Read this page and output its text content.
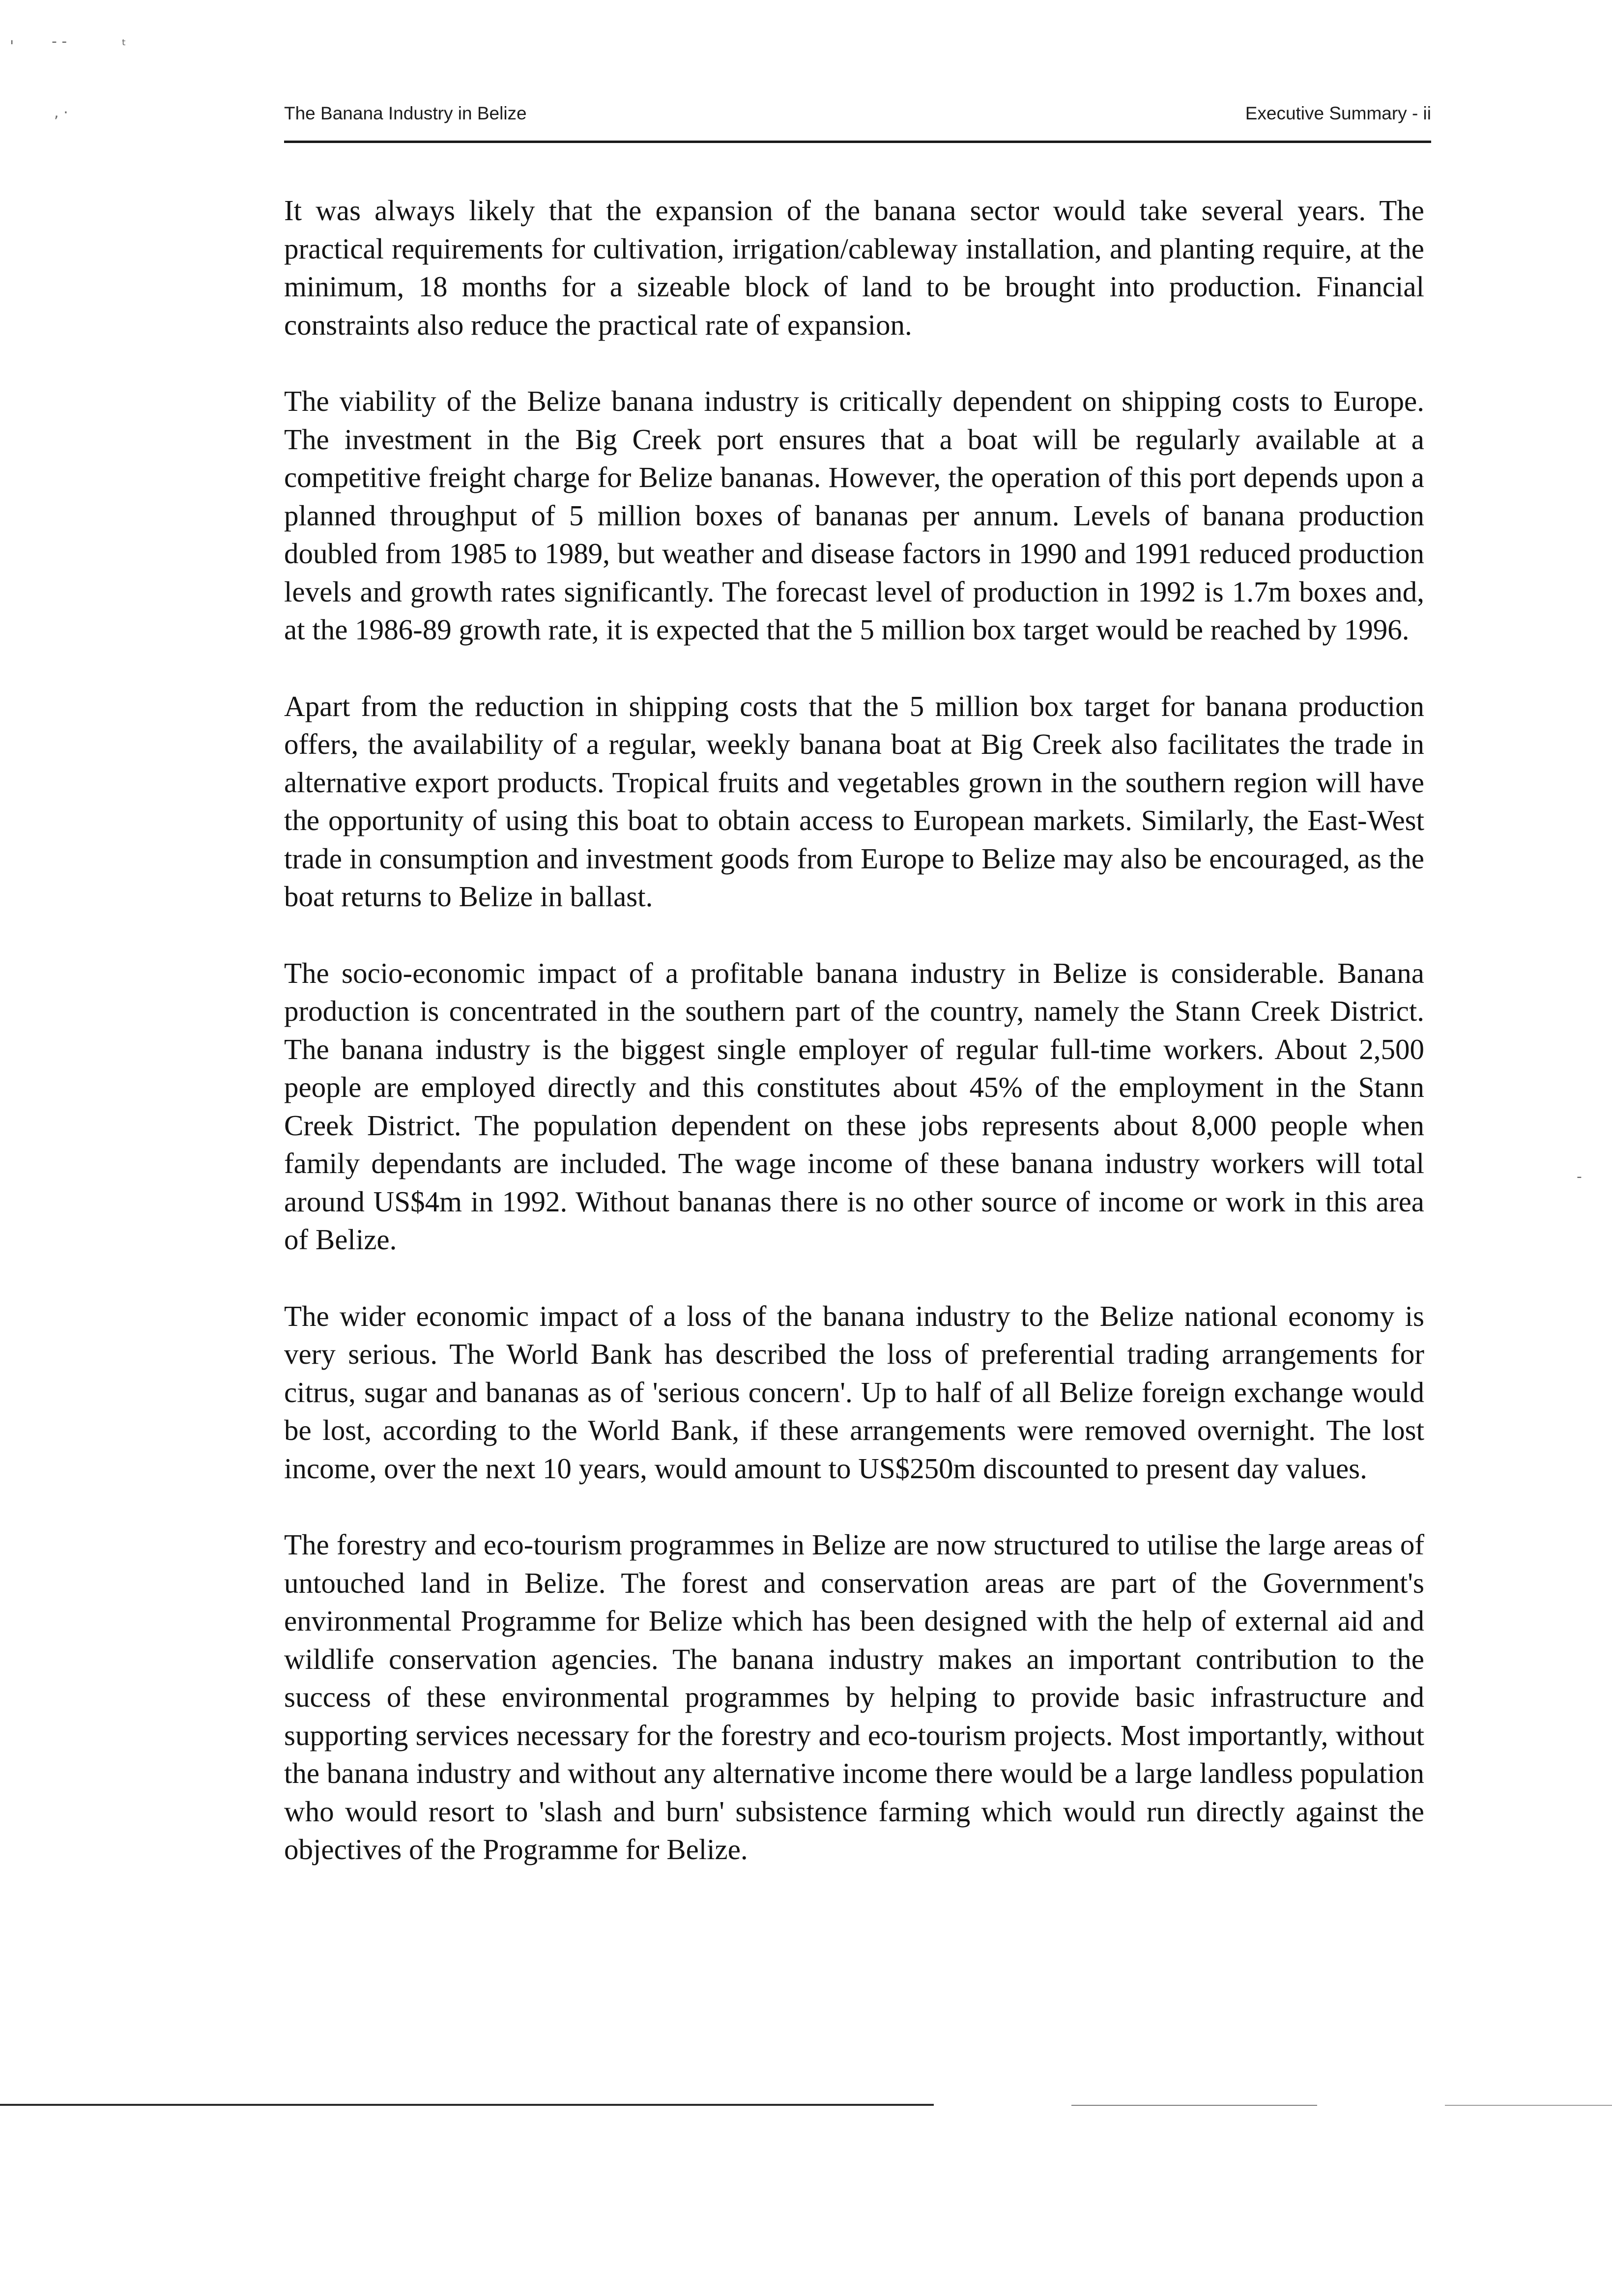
'	- -	ᵗ
, ·
-
The Banana Industry in Belize	Executive Summary - ii

It was always likely that the expansion of the banana sector would take several years. The practical requirements for cultivation, irrigation/cableway installation, and planting require, at the minimum, 18 months for a sizeable block of land to be brought into production. Financial constraints also reduce the practical rate of expansion.

The viability of the Belize banana industry is critically dependent on shipping costs to Europe. The investment in the Big Creek port ensures that a boat will be regularly available at a competitive freight charge for Belize bananas. However, the operation of this port depends upon a planned throughput of 5 million boxes of bananas per annum. Levels of banana production doubled from 1985 to 1989, but weather and disease factors in 1990 and 1991 reduced production levels and growth rates significantly. The forecast level of production in 1992 is 1.7m boxes and, at the 1986-89 growth rate, it is expected that the 5 million box target would be reached by 1996.

Apart from the reduction in shipping costs that the 5 million box target for banana production offers, the availability of a regular, weekly banana boat at Big Creek also facilitates the trade in alternative export products. Tropical fruits and vegetables grown in the southern region will have the opportunity of using this boat to obtain access to European markets. Similarly, the East-West trade in consumption and investment goods from Europe to Belize may also be encouraged, as the boat returns to Belize in ballast.

The socio-economic impact of a profitable banana industry in Belize is considerable. Banana production is concentrated in the southern part of the country, namely the Stann Creek District. The banana industry is the biggest single employer of regular full-time workers. About 2,500 people are employed directly and this constitutes about 45% of the employment in the Stann Creek District. The population dependent on these jobs represents about 8,000 people when family dependants are included. The wage income of these banana industry workers will total around US$4m in 1992. Without bananas there is no other source of income or work in this area of Belize.

The wider economic impact of a loss of the banana industry to the Belize national economy is very serious. The World Bank has described the loss of preferential trading arrangements for citrus, sugar and bananas as of 'serious concern'. Up to half of all Belize foreign exchange would be lost, according to the World Bank, if these arrangements were removed overnight. The lost income, over the next 10 years, would amount to US$250m discounted to present day values.

The forestry and eco-tourism programmes in Belize are now structured to utilise the large areas of untouched land in Belize. The forest and conservation areas are part of the Government's environmental Programme for Belize which has been designed with the help of external aid and wildlife conservation agencies. The banana industry makes an important contribution to the success of these environmental programmes by helping to provide basic infrastructure and supporting services necessary for the forestry and eco-tourism projects. Most importantly, without the banana industry and without any alternative income there would be a large landless population who would resort to 'slash and burn' subsistence farming which would run directly against the objectives of the Programme for Belize.
